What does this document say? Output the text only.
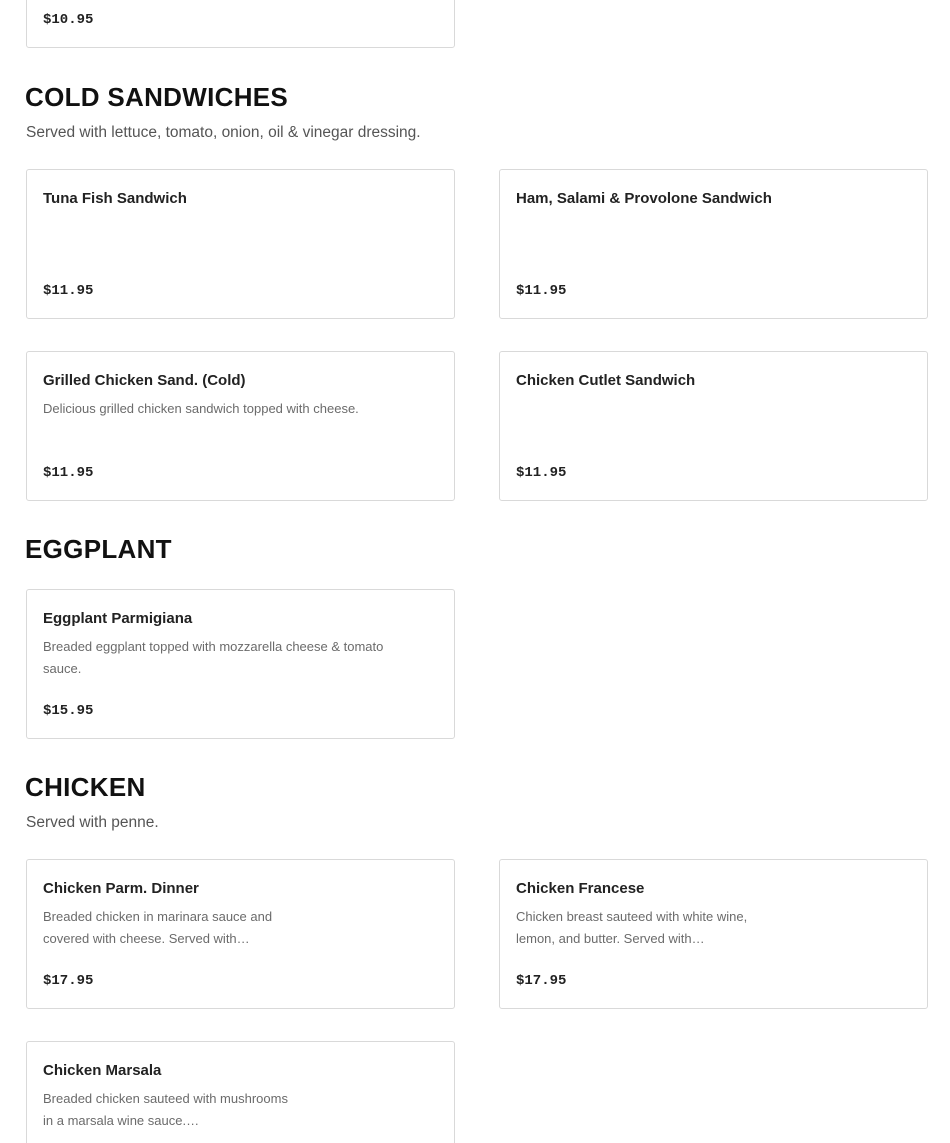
$10.95
COLD SANDWICHES

Served with lettuce, tomato, onion, oil & vinegar dressing.

Tuna Fish Sandwich
$11.95
Ham, Salami & Provolone Sandwich
$11.95
Grilled Chicken Sand. (Cold)
Delicious grilled chicken sandwich topped with cheese.
$11.95
Chicken Cutlet Sandwich
$11.95
EGGPLANT
Eggplant Parmigiana
Breaded eggplant topped with mozzarella cheese & tomato sauce.
$15.95
CHICKEN

Served with penne.

Chicken Parm. Dinner
Breaded chicken in marinara sauce and covered with cheese. Served with…
$17.95
Chicken Francese
Chicken breast sauteed with white wine, lemon, and butter. Served with…
$17.95
Chicken Marsala
Breaded chicken sauteed with mushrooms in a marsala wine sauce.…
